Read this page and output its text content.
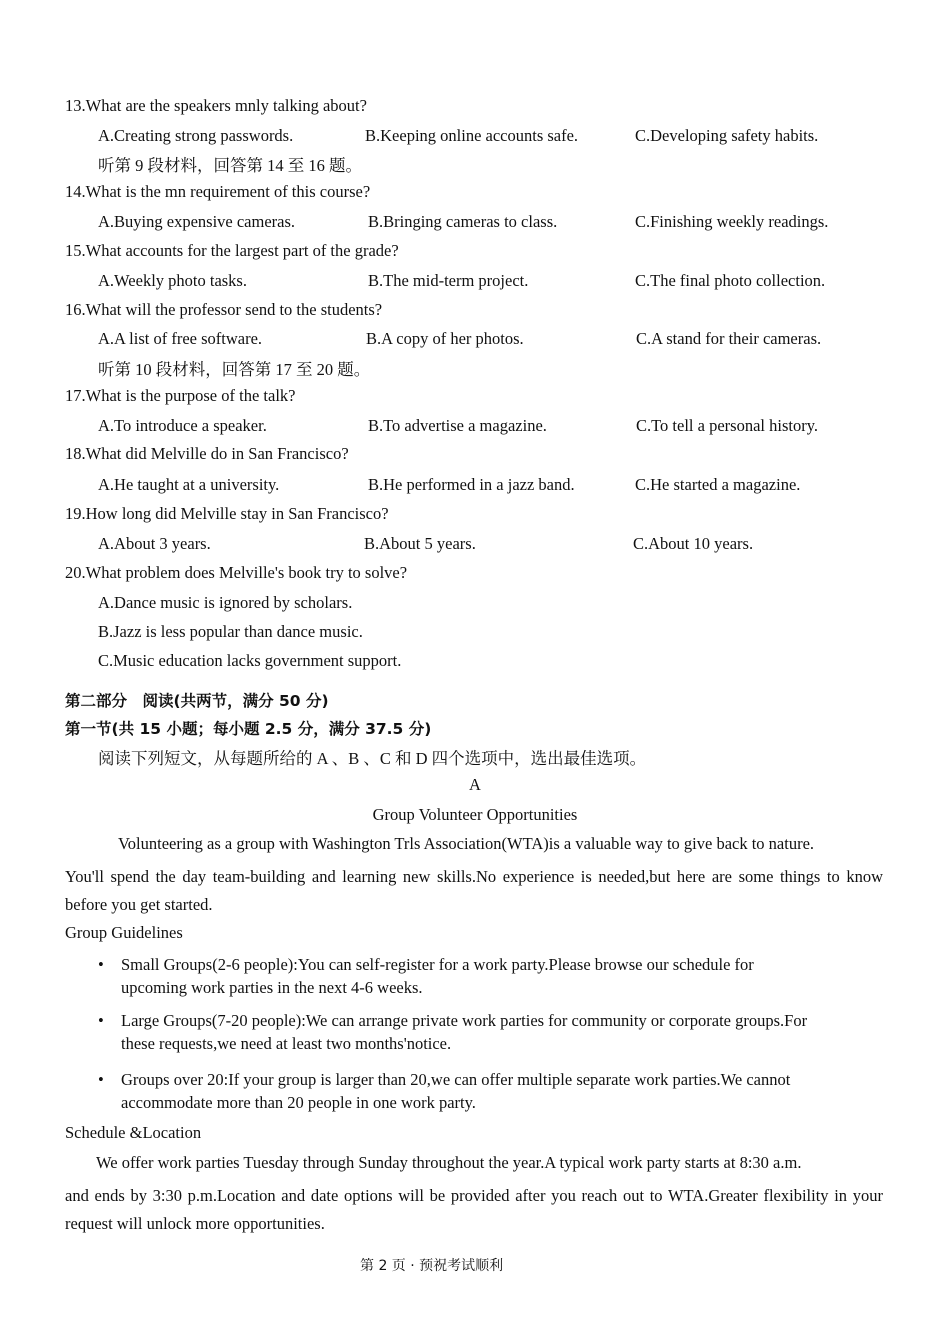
13.What are the speakers mnly talking about?
A.Creating strong passwords.	B.Keeping online accounts safe.	C.Developing safety habits.
听第 9 段材料，回答第 14 至 16 题。
14.What is the mn requirement of this course?
A.Buying expensive cameras.	B.Bringing cameras to class.	C.Finishing weekly readings.
15.What accounts for the largest part of the grade?
A.Weekly photo tasks.	B.The mid-term project.	C.The final photo collection.
16.What will the professor send to the students?
A.A list of free software.	B.A copy of her photos.	C.A stand for their cameras.
听第 10 段材料，回答第 17 至 20 题。
17.What is the purpose of the talk?
A.To introduce a speaker.	B.To advertise a magazine.	C.To tell a personal history.
18.What did Melville do in San Francisco?
A.He taught at a university.	B.He performed in a jazz band.	C.He started a magazine.
19.How long did Melville stay in San Francisco?
A.About 3 years.	B.About 5 years.	C.About 10 years.
20.What problem does Melville's book try to solve?
A.Dance music is ignored by scholars.
B.Jazz is less popular than dance music.
C.Music education lacks government support.
第二部分　阅读(共两节，满分 50 分)
第一节(共 15 小题；每小题 2.5 分，满分 37.5 分)
阅读下列短文，从每题所给的 A 、B 、C 和 D 四个选项中，选出最佳选项。
A
Group Volunteer Opportunities
Volunteering as a group with Washington Trls Association(WTA)is a valuable way to give back to nature.
You'll spend the day team-building and learning new skills.No experience is needed,but here are some things to know before you get started.
Group Guidelines
•	Small Groups(2-6 people):You can self-register for a work party.Please browse our schedule for upcoming work parties in the next 4-6 weeks.
•	Large Groups(7-20 people):We can arrange private work parties for community or corporate groups.For these requests,we need at least two months'notice.
•	Groups over 20:If your group is larger than 20,we can offer multiple separate work parties.We cannot accommodate more than 20 people in one work party.
Schedule &Location
We offer work parties Tuesday through Sunday throughout the year.A typical work party starts at 8:30 a.m.
and ends by 3:30 p.m.Location and date options will be provided after you reach out to WTA.Greater flexibility in your request will unlock more opportunities.
第 2 页 · 预祝考试顺利
